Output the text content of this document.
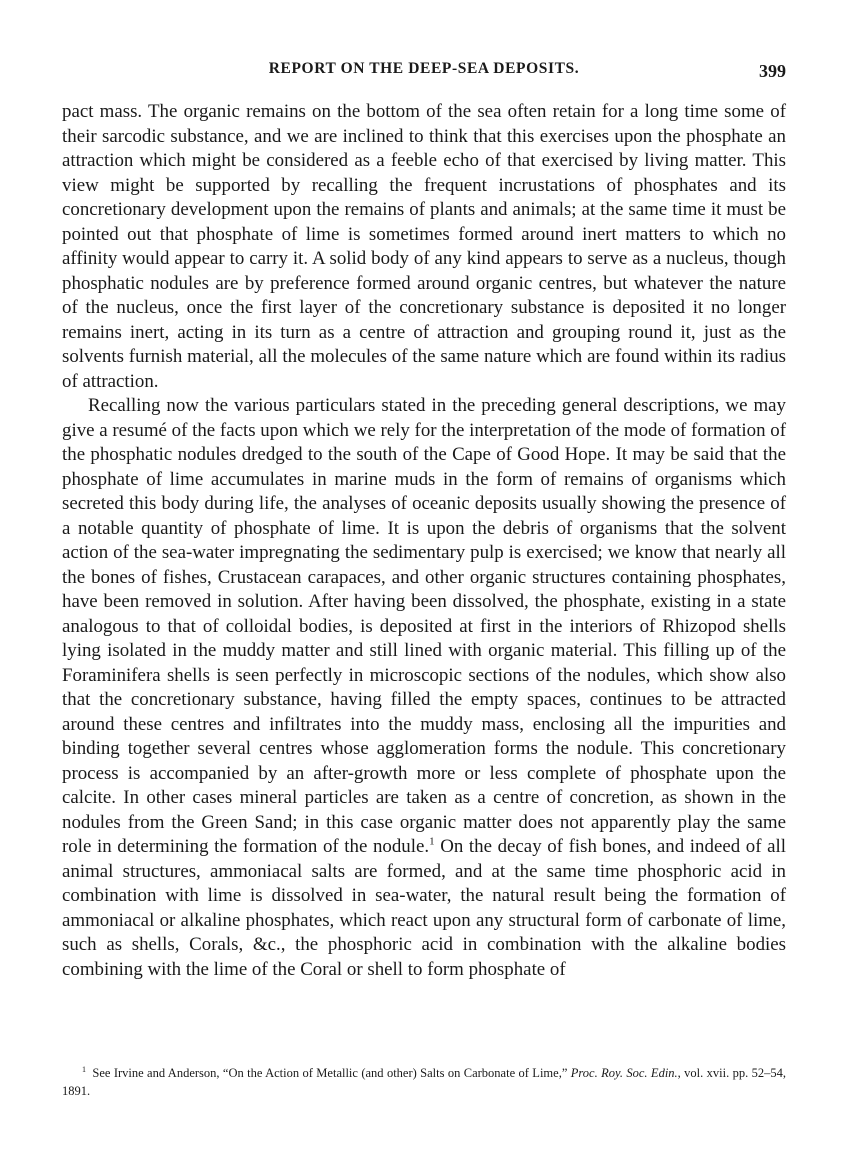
REPORT ON THE DEEP-SEA DEPOSITS.	399

pact mass. The organic remains on the bottom of the sea often retain for a long time some of their sarcodic substance, and we are inclined to think that this exercises upon the phosphate an attraction which might be considered as a feeble echo of that exercised by living matter. This view might be supported by recalling the frequent incrustations of phosphates and its concretionary development upon the remains of plants and animals; at the same time it must be pointed out that phosphate of lime is sometimes formed around inert matters to which no affinity would appear to carry it. A solid body of any kind appears to serve as a nucleus, though phosphatic nodules are by preference formed around organic centres, but whatever the nature of the nucleus, once the first layer of the concretionary substance is deposited it no longer remains inert, acting in its turn as a centre of attraction and grouping round it, just as the solvents furnish material, all the molecules of the same nature which are found within its radius of attraction.

Recalling now the various particulars stated in the preceding general descriptions, we may give a resumé of the facts upon which we rely for the interpretation of the mode of formation of the phosphatic nodules dredged to the south of the Cape of Good Hope. It may be said that the phosphate of lime accumulates in marine muds in the form of remains of organisms which secreted this body during life, the analyses of oceanic deposits usually showing the presence of a notable quantity of phosphate of lime. It is upon the debris of organisms that the solvent action of the sea-water impregnating the sedimentary pulp is exercised; we know that nearly all the bones of fishes, Crustacean carapaces, and other organic structures containing phosphates, have been removed in solution. After having been dissolved, the phosphate, existing in a state analogous to that of colloidal bodies, is deposited at first in the interiors of Rhizopod shells lying isolated in the muddy matter and still lined with organic material. This filling up of the Foraminifera shells is seen perfectly in microscopic sections of the nodules, which show also that the concretionary substance, having filled the empty spaces, continues to be attracted around these centres and infiltrates into the muddy mass, enclosing all the impurities and binding together several centres whose agglomeration forms the nodule. This concretionary process is accompanied by an after-growth more or less complete of phosphate upon the calcite. In other cases mineral particles are taken as a centre of concretion, as shown in the nodules from the Green Sand; in this case organic matter does not apparently play the same role in determining the formation of the nodule.$^1$ On the decay of fish bones, and indeed of all animal structures, ammoniacal salts are formed, and at the same time phosphoric acid in combination with lime is dissolved in sea-water, the natural result being the formation of ammoniacal or alkaline phosphates, which react upon any structural form of carbonate of lime, such as shells, Corals, &c., the phosphoric acid in combination with the alkaline bodies combining with the lime of the Coral or shell to form phosphate of

$^1$ See Irvine and Anderson, “On the Action of Metallic (and other) Salts on Carbonate of Lime,” Proc. Roy. Soc. Edin., vol. xvii. pp. 52–54, 1891.
